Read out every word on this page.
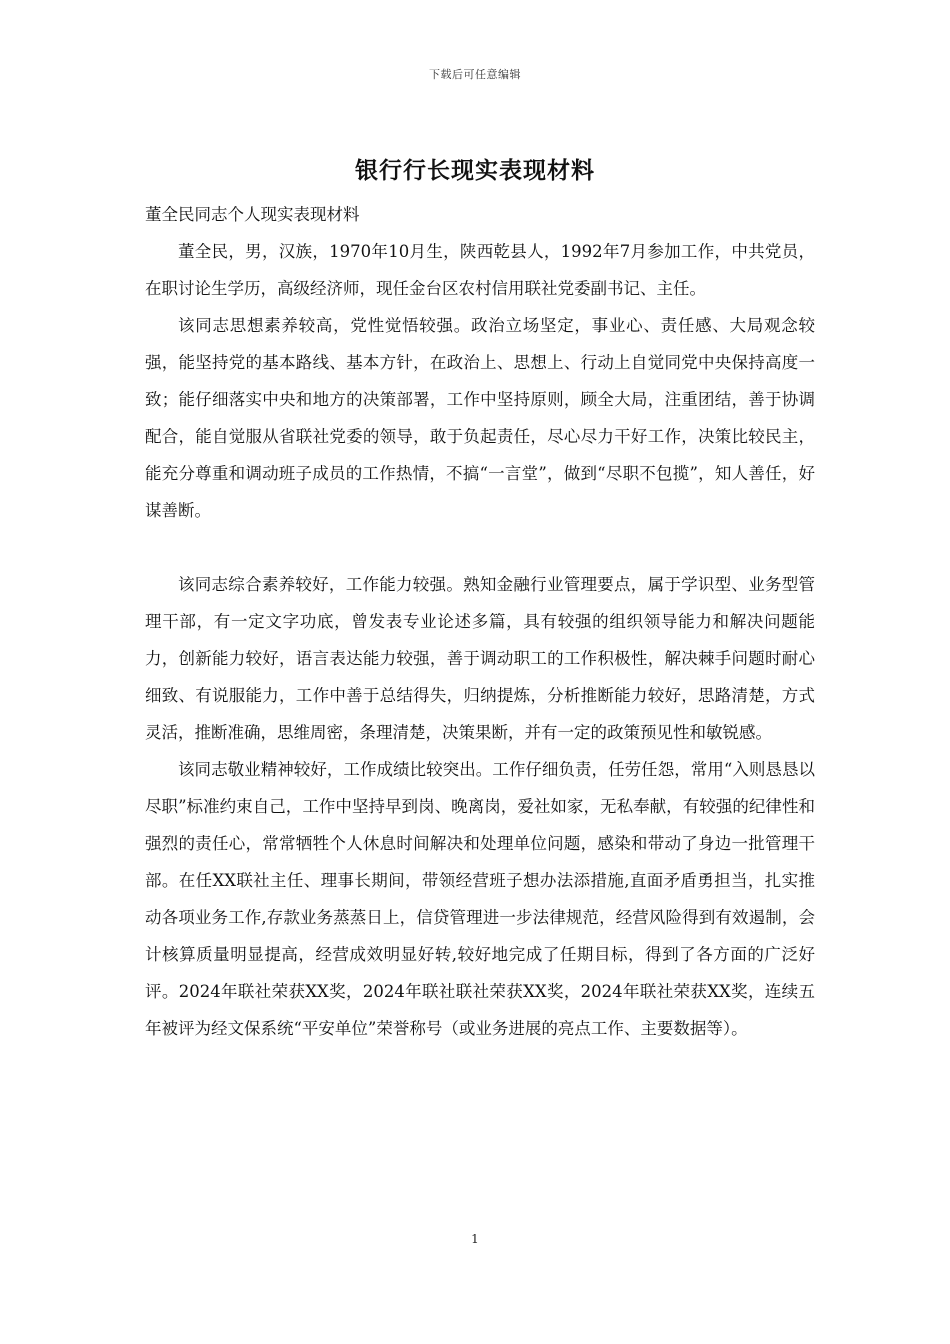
下载后可任意编辑
银行行长现实表现材料

董全民同志个人现实表现材料

董全民，男，汉族，1970年10月生，陕西乾县人，1992年7月参加工作，中共党员，在职讨论生学历，高级经济师，现任金台区农村信用联社党委副书记、主任。

该同志思想素养较高，党性觉悟较强。政治立场坚定，事业心、责任感、大局观念较强，能坚持党的基本路线、基本方针，在政治上、思想上、行动上自觉同党中央保持高度一致；能仔细落实中央和地方的决策部署，工作中坚持原则，顾全大局，注重团结，善于协调配合，能自觉服从省联社党委的领导，敢于负起责任，尽心尽力干好工作，决策比较民主，能充分尊重和调动班子成员的工作热情，不搞“一言堂”，做到“尽职不包揽”，知人善任，好谋善断。

该同志综合素养较好，工作能力较强。熟知金融行业管理要点，属于学识型、业务型管理干部，有一定文字功底，曾发表专业论述多篇，具有较强的组织领导能力和解决问题能力，创新能力较好，语言表达能力较强，善于调动职工的工作积极性，解决棘手问题时耐心细致、有说服能力，工作中善于总结得失，归纳提炼，分析推断能力较好，思路清楚，方式灵活，推断准确，思维周密，条理清楚，决策果断，并有一定的政策预见性和敏锐感。

该同志敬业精神较好，工作成绩比较突出。工作仔细负责，任劳任怨，常用“入则恳恳以尽职”标准约束自己，工作中坚持早到岗、晚离岗，爱社如家，无私奉献，有较强的纪律性和强烈的责任心，常常牺牲个人休息时间解决和处理单位问题，感染和带动了身边一批管理干部。在任XX联社主任、理事长期间，带领经营班子想办法添措施,直面矛盾勇担当，扎实推动各项业务工作,存款业务蒸蒸日上，信贷管理进一步法律规范，经营风险得到有效遏制，会计核算质量明显提高，经营成效明显好转,较好地完成了任期目标，得到了各方面的广泛好评。2024年联社荣获XX奖，2024年联社联社荣获XX奖，2024年联社荣获XX奖，连续五年被评为经文保系统“平安单位”荣誉称号（或业务进展的亮点工作、主要数据等）。

1
